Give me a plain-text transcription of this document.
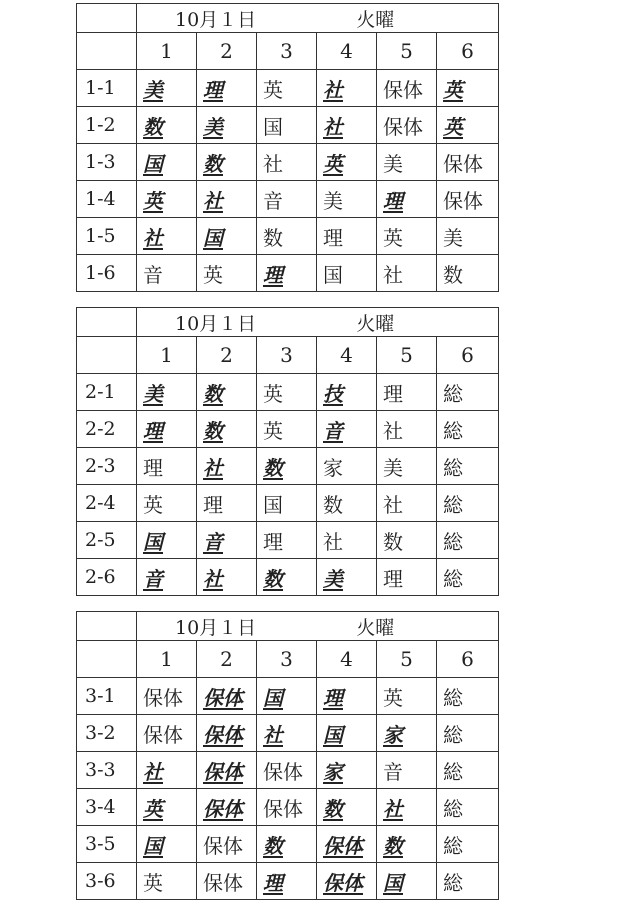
	10月１日 火曜					
	1	2	3	4	5	6
1-1	美	理	英	社	保体	英
1-2	数	美	国	社	保体	英
1-3	国	数	社	英	美	保体
1-4	英	社	音	美	理	保体
1-5	社	国	数	理	英	美
1-6	音	英	理	国	社	数
	10月１日 火曜					
	1	2	3	4	5	6
2-1	美	数	英	技	理	総
2-2	理	数	英	音	社	総
2-3	理	社	数	家	美	総
2-4	英	理	国	数	社	総
2-5	国	音	理	社	数	総
2-6	音	社	数	美	理	総
	10月１日 火曜					
	1	2	3	4	5	6
3-1	保体	保体	国	理	英	総
3-2	保体	保体	社	国	家	総
3-3	社	保体	保体	家	音	総
3-4	英	保体	保体	数	社	総
3-5	国	保体	数	保体	数	総
3-6	英	保体	理	保体	国	総
